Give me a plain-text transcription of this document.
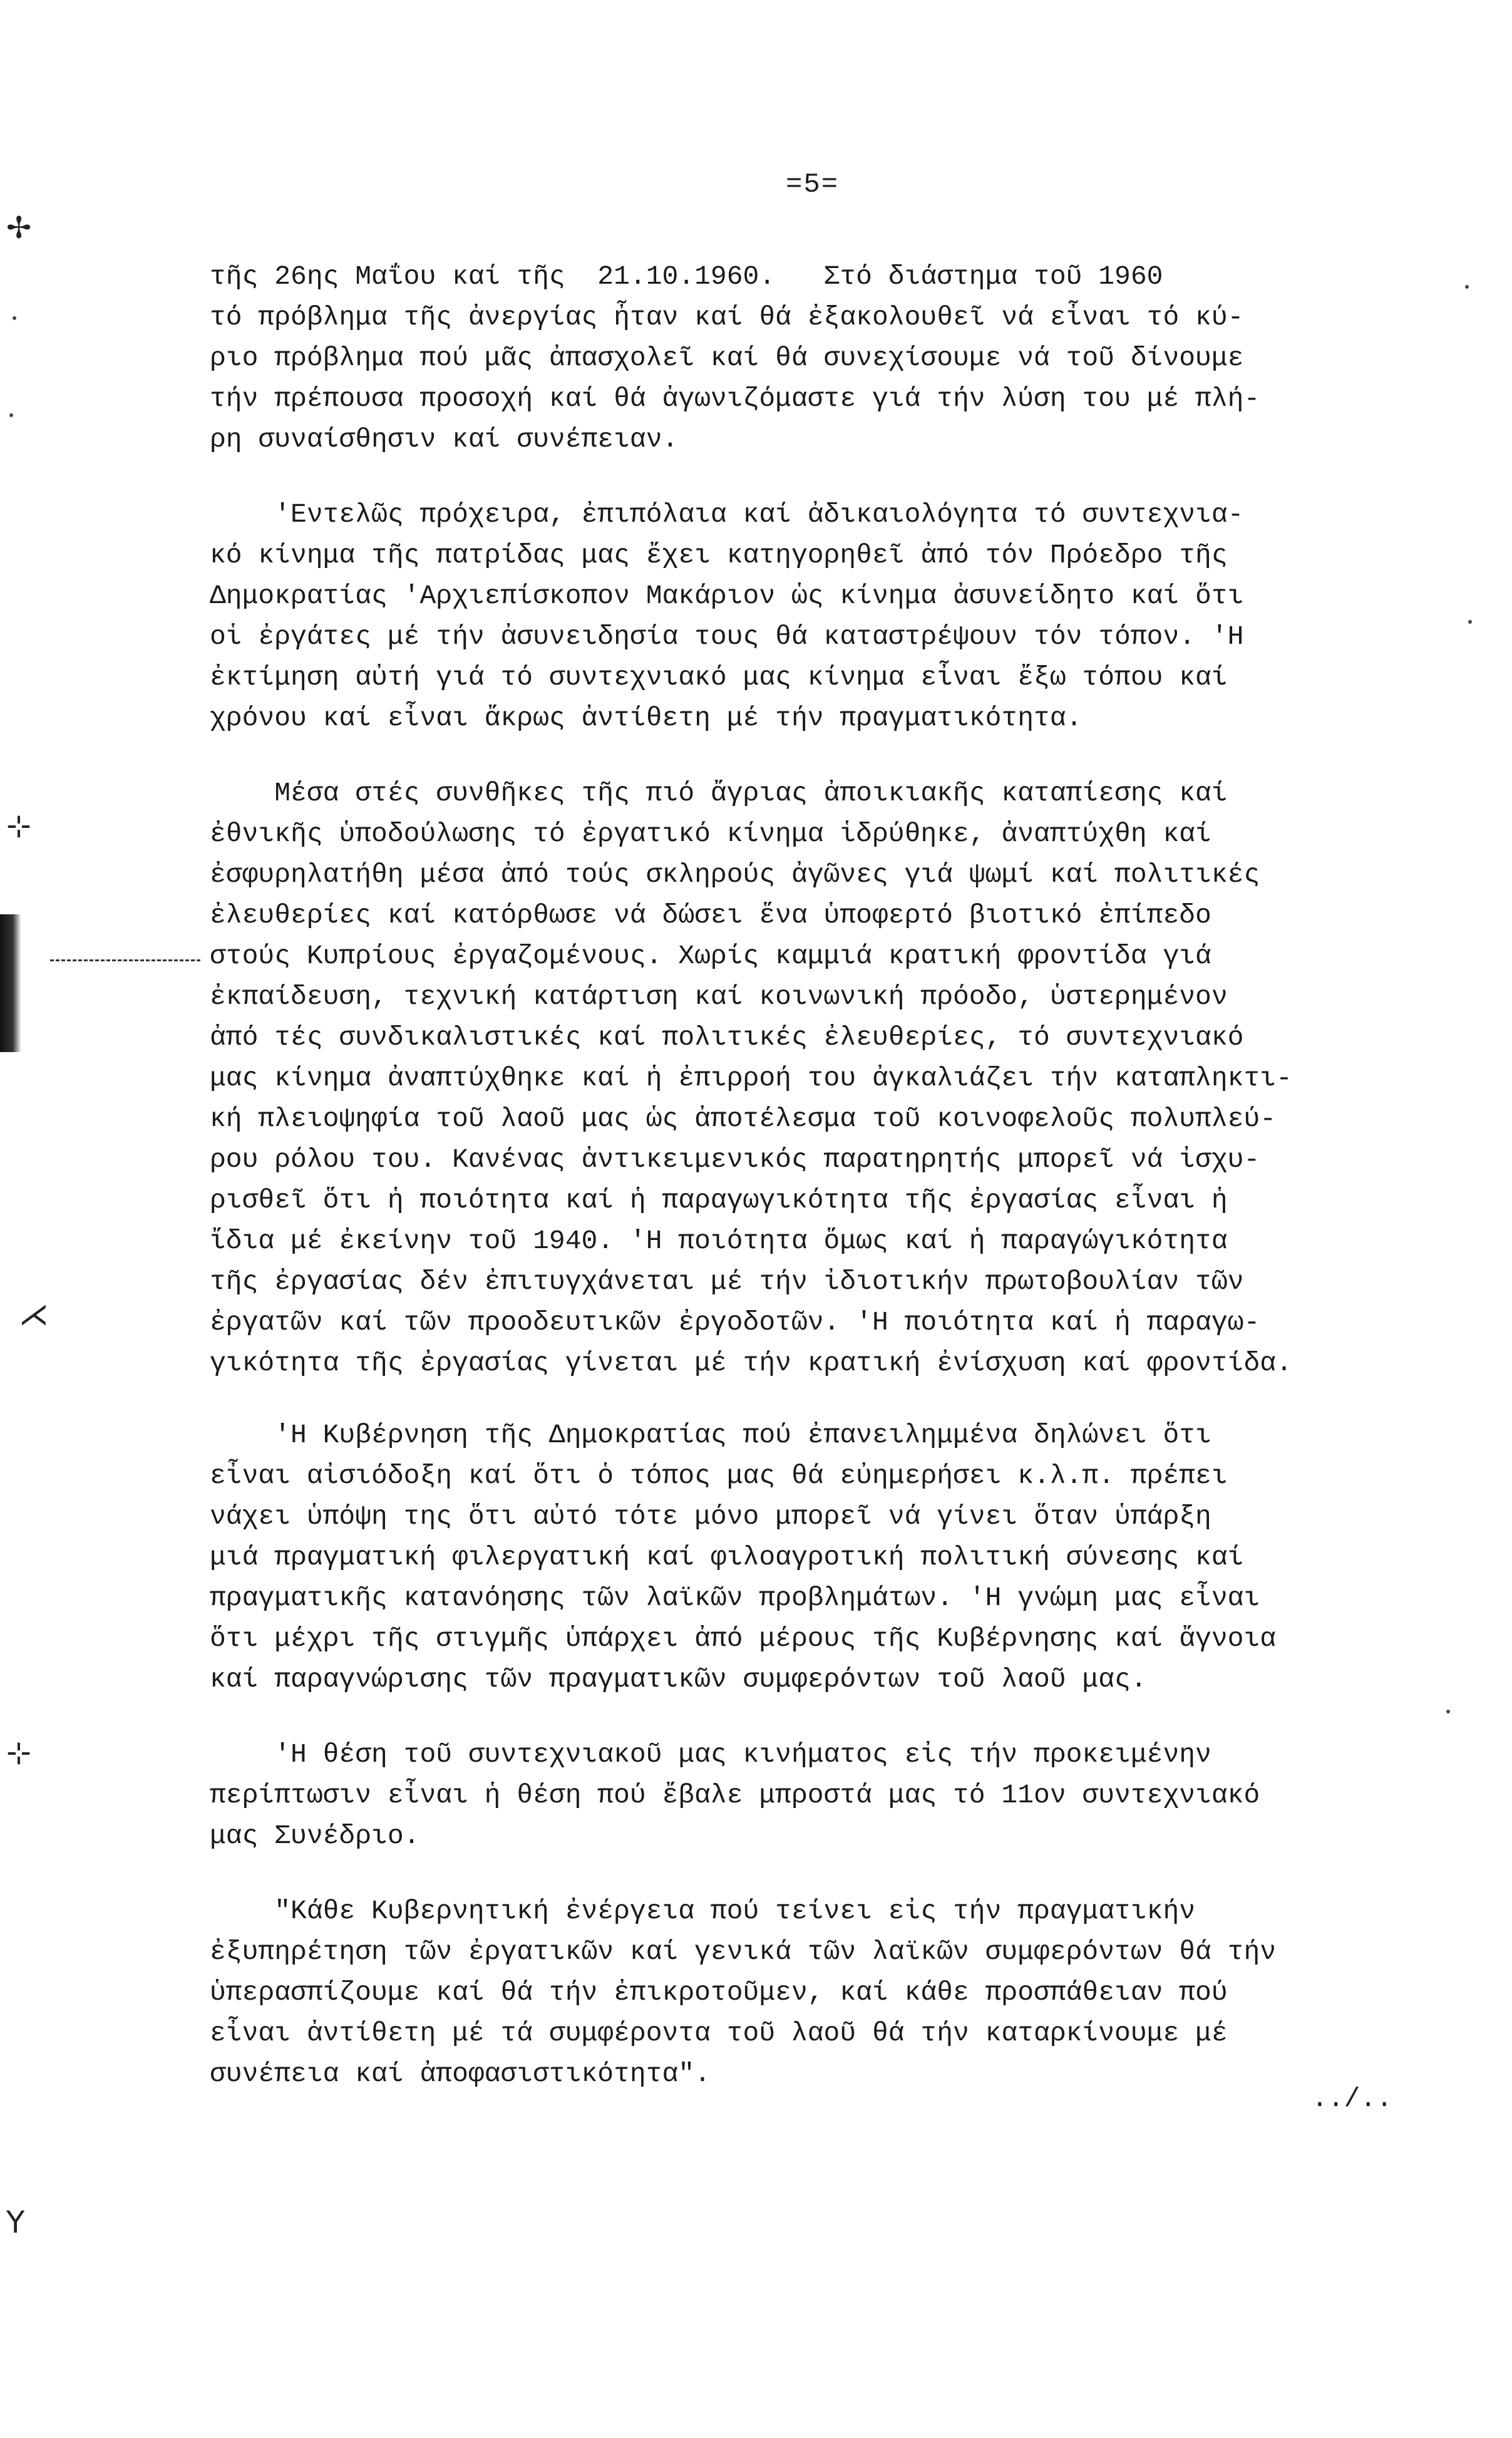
=5=
✢
⊹
⋌
⊹
Y
τῆς 26ης Μαΐου καί τῆς  21.10.1960.   Στό διάστημα τοῦ 1960
τό πρόβλημα τῆς ἀνεργίας ἦταν καί θά ἐξακολουθεῖ νά εἶναι τό κύ-
ριο πρόβλημα πού μᾶς ἀπασχολεῖ καί θά συνεχίσουμε νά τοῦ δίνουμε
τήν πρέπουσα προσοχή καί θά ἀγωνιζόμαστε γιά τήν λύση του μέ πλή-
ρη συναίσθησιν καί συνέπειαν.
'Εντελῶς πρόχειρα, ἐπιπόλαια καί ἀδικαιολόγητα τό συντεχνια-
κό κίνημα τῆς πατρίδας μας ἔχει κατηγορηθεῖ ἀπό τόν Πρόεδρο τῆς
Δημοκρατίας 'Αρχιεπίσκοπον Μακάριον ὡς κίνημα ἀσυνείδητο καί ὅτι
οἱ ἐργάτες μέ τήν ἀσυνειδησία τους θά καταστρέψουν τόν τόπον. 'Η
ἐκτίμηση αὐτή γιά τό συντεχνιακό μας κίνημα εἶναι ἔξω τόπου καί
χρόνου καί εἶναι ἄκρως ἀντίθετη μέ τήν πραγματικότητα.
Μέσα στές συνθῆκες τῆς πιό ἄγριας ἀποικιακῆς καταπίεσης καί
ἐθνικῆς ὑποδούλωσης τό ἐργατικό κίνημα ἱδρύθηκε, ἀναπτύχθη καί
ἐσφυρηλατήθη μέσα ἀπό τούς σκληρούς ἀγῶνες γιά ψωμί καί πολιτικές
ἐλευθερίες καί κατόρθωσε νά δώσει ἕνα ὑποφερτό βιοτικό ἐπίπεδο
στούς Κυπρίους ἐργαζομένους. Χωρίς καμμιά κρατική φροντίδα γιά
ἐκπαίδευση, τεχνική κατάρτιση καί κοινωνική πρόοδο, ὑστερημένον
ἀπό τές συνδικαλιστικές καί πολιτικές ἐλευθερίες, τό συντεχνιακό
μας κίνημα ἀναπτύχθηκε καί ἡ ἐπιρροή του ἀγκαλιάζει τήν καταπληκτι-
κή πλειοψηφία τοῦ λαοῦ μας ὡς ἀποτέλεσμα τοῦ κοινοφελοῦς πολυπλεύ-
ρου ρόλου του. Κανένας ἀντικειμενικός παρατηρητής μπορεῖ νά ἰσχυ-
ρισθεῖ ὅτι ἡ ποιότητα καί ἡ παραγωγικότητα τῆς ἐργασίας εἶναι ἡ
ἴδια μέ ἐκείνην τοῦ 1940. 'Η ποιότητα ὅμως καί ἡ παραγώγικότητα
τῆς ἐργασίας δέν ἐπιτυγχάνεται μέ τήν ἰδιοτικήν πρωτοβουλίαν τῶν
ἐργατῶν καί τῶν προοδευτικῶν ἐργοδοτῶν. 'Η ποιότητα καί ἡ παραγω-
γικότητα τῆς ἐργασίας γίνεται μέ τήν κρατική ἐνίσχυση καί φροντίδα.
'Η Κυβέρνηση τῆς Δημοκρατίας πού ἐπανειλημμένα δηλώνει ὅτι
εἶναι αἰσιόδοξη καί ὅτι ὁ τόπος μας θά εὐημερήσει κ.λ.π. πρέπει
νάχει ὑπόψη της ὅτι αὐτό τότε μόνο μπορεῖ νά γίνει ὅταν ὑπάρξη
μιά πραγματική φιλεργατική καί φιλοαγροτική πολιτική σύνεσης καί
πραγματικῆς κατανόησης τῶν λαϊκῶν προβλημάτων. 'Η γνώμη μας εἶναι
ὅτι μέχρι τῆς στιγμῆς ὑπάρχει ἀπό μέρους τῆς Κυβέρνησης καί ἄγνοια
καί παραγνώρισης τῶν πραγματικῶν συμφερόντων τοῦ λαοῦ μας.
'Η θέση τοῦ συντεχνιακοῦ μας κινήματος εἰς τήν προκειμένην
περίπτωσιν εἶναι ἡ θέση πού ἔβαλε μπροστά μας τό 11ον συντεχνιακό
μας Συνέδριο.
"Κάθε Κυβερνητική ἐνέργεια πού τείνει εἰς τήν πραγματικήν
ἐξυπηρέτηση τῶν ἐργατικῶν καί γενικά τῶν λαϊκῶν συμφερόντων θά τήν
ὑπερασπίζουμε καί θά τήν ἐπικροτοῦμεν, καί κάθε προσπάθειαν πού
εἶναι ἀντίθετη μέ τά συμφέροντα τοῦ λαοῦ θά τήν καταρκίνουμε μέ
συνέπεια καί ἀποφασιστικότητα".
../..
